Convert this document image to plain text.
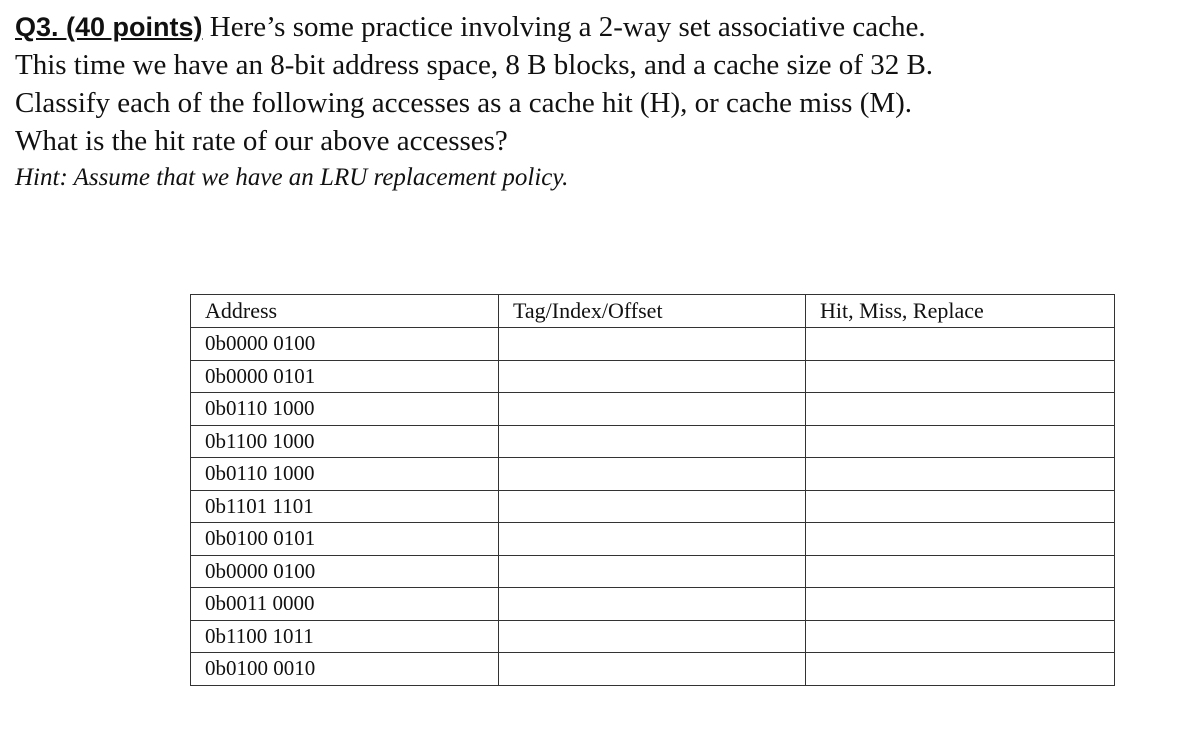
Q3. (40 points) Here’s some practice involving a 2-way set associative cache.
This time we have an 8-bit address space, 8 B blocks, and a cache size of 32 B.
Classify each of the following accesses as a cache hit (H), or cache miss (M).
What is the hit rate of our above accesses?
Hint: Assume that we have an LRU replacement policy.
Address	Tag/Index/Offset	Hit, Miss, Replace
0b0000 0100		
0b0000 0101		
0b0110 1000		
0b1100 1000		
0b0110 1000		
0b1101 1101		
0b0100 0101		
0b0000 0100		
0b0011 0000		
0b1100 1011		
0b0100 0010		
